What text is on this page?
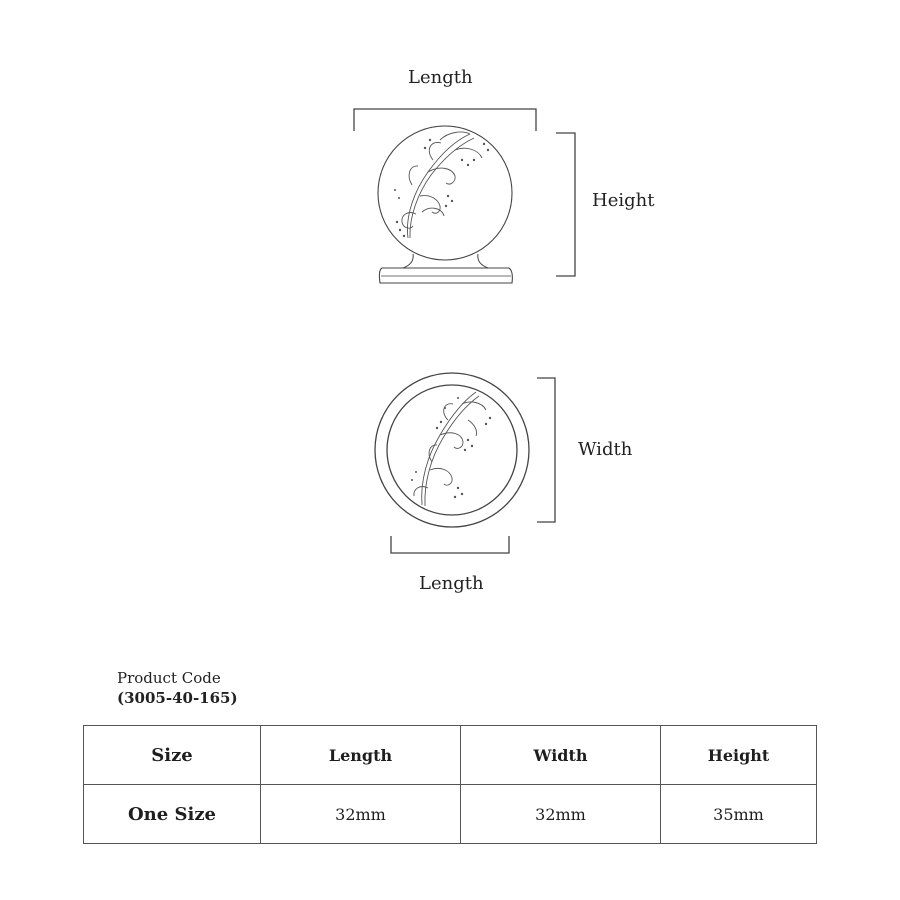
Length
Height
Width
Length
Product Code
(3005-40-165)
Size	Length	Width	Height
One Size	32mm	32mm	35mm
